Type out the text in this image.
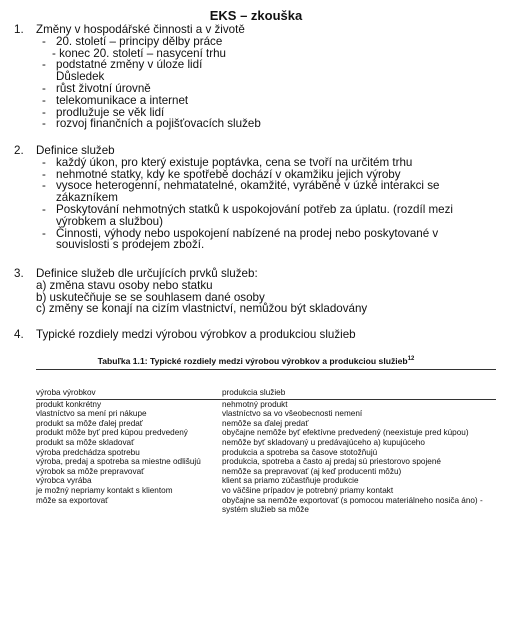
EKS – zkouška
1. Změny v hospodářské činnosti a v životě
- 20. století – principy dělby práce
- konec 20. století – nasycení trhu
- podstatné změny v úloze lidí
Důsledek
- růst životní úrovně
- telekomunikace a internet
- prodlužuje se věk lidí
- rozvoj finančních a pojišťovacích služeb
2. Definice služeb
- každý úkon, pro který existuje poptávka, cena se tvoří na určitém trhu
- nehmotné statky, kdy ke spotřebě dochází v okamžiku jejich výroby
- vysoce heterogenní, nehmatatelné, okamžité, vyráběné v úzké interakci se zákazníkem
- Poskytování nehmotných statků k uspokojování potřeb za úplatu. (rozdíl mezi výrobkem a službou)
- Činnosti, výhody nebo uspokojení nabízené na prodej nebo poskytované v souvislosti s prodejem zboží.
3. Definice služeb dle určujících prvků služeb:
a) změna stavu osoby nebo statku
b) uskutečňuje se se souhlasem dané osoby
c) změny se konají na cizím vlastnictví, nemůžou být skladovány
4. Typické rozdiely medzi výrobou výrobkov a produkciou služieb
Tabuľka 1.1: Typické rozdiely medzi výrobou výrobkov a produkciou služieb$^{12}$
výroba výrobkov	produkcia služieb
produkt konkrétny	nehmotný produkt
vlastníctvo sa mení pri nákupe	vlastníctvo sa vo všeobecnosti nemení
produkt sa môže ďalej predať	nemôže sa ďalej predať
produkt môže byť pred kúpou predvedený	obyčajne nemôže byť efektívne predvedený (neexistuje pred kúpou)
produkt sa môže skladovať	nemôže byť skladovaný u predávajúceho a) kupujúceho
výroba predchádza spotrebu	produkcia a spotreba sa časove stotožňujú
výroba, predaj a spotreba sa miestne odlišujú	produkcia, spotreba a často aj predaj sú priestorovo spojené
výrobok sa môže prepravovať	nemôže sa prepravovať (aj keď producenti môžu)
výrobca vyrába	klient sa priamo zúčastňuje produkcie
je možný nepriamy kontakt s klientom	vo väčšine prípadov je potrebný priamy kontakt
môže sa exportovať	obyčajne sa nemôže exportovať (s pomocou materiálneho nosiča áno) - systém služieb sa môže
